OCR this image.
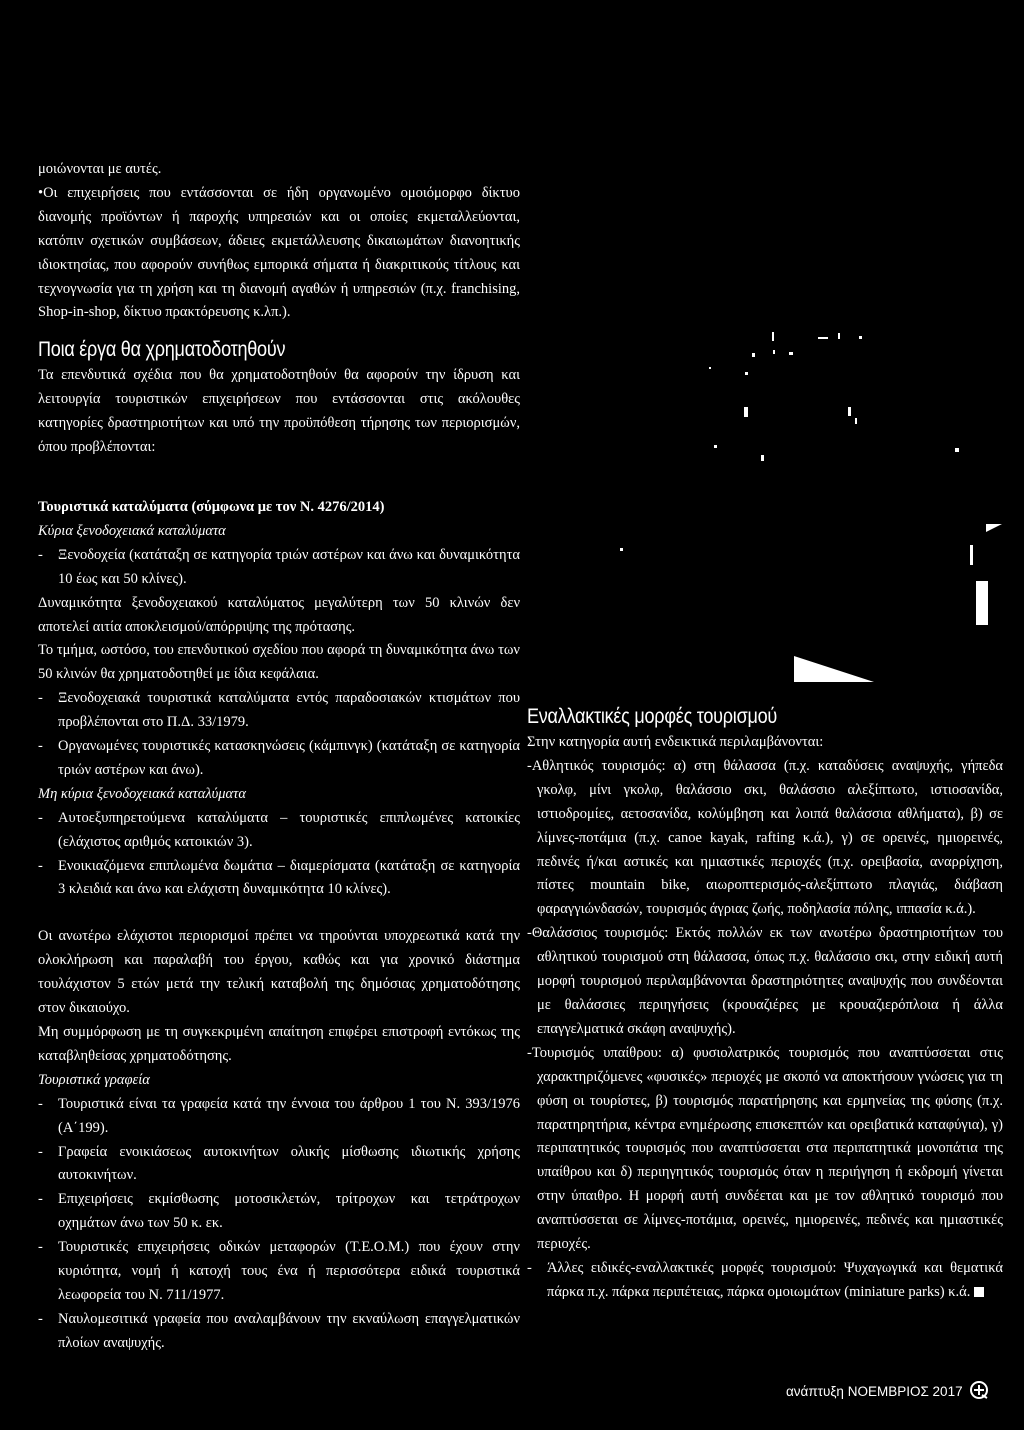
μοιώνονται με αυτές.

•Οι επιχειρήσεις που εντάσσονται σε ήδη οργανωμένο ομοιόμορφο δίκτυο διανομής προϊόντων ή παροχής υπηρεσιών και οι οποίες εκμεταλλεύονται, κατόπιν σχετικών συμβάσεων, άδειες εκμετάλλευσης δικαιωμάτων διανοητικής ιδιοκτησίας, που αφορούν συνήθως εμπορικά σήματα ή διακριτικούς τίτλους και τεχνογνωσία για τη χρήση και τη διανομή αγαθών ή υπηρεσιών (π.χ. franchising, Shop-in-shop, δίκτυο πρακτόρευσης κ.λπ.).

Ποια έργα θα χρηματοδοτηθούν

Τα επενδυτικά σχέδια που θα χρηματοδοτηθούν θα αφορούν την ίδρυση και λειτουργία τουριστικών επιχειρήσεων που εντάσσονται στις ακόλουθες κατηγορίες δραστηριοτήτων και υπό την προϋπόθεση τήρησης των περιορισμών, όπου προβλέπονται:

Τουριστικά καταλύματα (σύμφωνα με τον Ν. 4276/2014)

Κύρια ξενοδοχειακά καταλύματα

-	Ξενοδοχεία (κατάταξη σε κατηγορία τριών αστέρων και άνω και δυναμικότητα 10 έως και 50 κλίνες).

Δυναμικότητα ξενοδοχειακού καταλύματος μεγαλύτερη των 50 κλινών δεν αποτελεί αιτία αποκλεισμού/απόρριψης της πρότασης.

Το τμήμα, ωστόσο, του επενδυτικού σχεδίου που αφορά τη δυναμικότητα άνω των 50 κλινών θα χρηματοδοτηθεί με ίδια κεφάλαια.

-	Ξενοδοχειακά τουριστικά καταλύματα εντός παραδοσιακών κτισμάτων που προβλέπονται στο Π.Δ. 33/1979.
-	Οργανωμένες τουριστικές κατασκηνώσεις (κάμπινγκ) (κατάταξη σε κατηγορία τριών αστέρων και άνω).

Μη κύρια ξενοδοχειακά καταλύματα

-	Αυτοεξυπηρετούμενα καταλύματα – τουριστικές επιπλωμένες κατοικίες (ελάχιστος αριθμός κατοικιών 3).
-	Ενοικιαζόμενα επιπλωμένα δωμάτια – διαμερίσματα (κατάταξη σε κατηγορία 3 κλειδιά και άνω και ελάχιστη δυναμικότητα 10 κλίνες).

Οι ανωτέρω ελάχιστοι περιορισμοί πρέπει να τηρούνται υποχρεωτικά κατά την ολοκλήρωση και παραλαβή του έργου, καθώς και για χρονικό διάστημα τουλάχιστον 5 ετών μετά την τελική καταβολή της δημόσιας χρηματοδότησης στον δικαιούχο.

Μη συμμόρφωση με τη συγκεκριμένη απαίτηση επιφέρει επιστροφή εντόκως της καταβληθείσας χρηματοδότησης.

Τουριστικά γραφεία

-	Τουριστικά είναι τα γραφεία κατά την έννοια του άρθρου 1 του Ν. 393/1976 (Α΄199).
-	Γραφεία ενοικιάσεως αυτοκινήτων ολικής μίσθωσης ιδιωτικής χρήσης αυτοκινήτων.
-	Επιχειρήσεις εκμίσθωσης μοτοσικλετών, τρίτροχων και τετράτροχων οχημάτων άνω των 50 κ. εκ.
-	Τουριστικές επιχειρήσεις οδικών μεταφορών (Τ.Ε.Ο.Μ.) που έχουν στην κυριότητα, νομή ή κατοχή τους ένα ή περισσότερα ειδικά τουριστικά λεωφορεία του Ν. 711/1977.
-	Ναυλομεσιτικά γραφεία που αναλαμβάνουν την εκναύλωση επαγγελματικών πλοίων αναψυχής.
Εναλλακτικές μορφές τουρισμού

Στην κατηγορία αυτή ενδεικτικά περιλαμβάνονται:

-Αθλητικός τουρισμός: α) στη θάλασσα (π.χ. καταδύσεις αναψυχής, γήπεδα γκολφ, μίνι γκολφ, θαλάσσιο σκι, θαλάσσιο αλεξίπτωτο, ιστιοσανίδα, ιστιοδρομίες, αετοσανίδα, κολύμβηση και λοιπά θαλάσσια αθλήματα), β) σε λίμνες-ποτάμια (π.χ. canoe kayak, rafting κ.ά.), γ) σε ορεινές, ημιορεινές, πεδινές ή/και αστικές και ημιαστικές περιοχές (π.χ. ορειβασία, αναρρίχηση, πίστες mountain bike, αιωροπτερισμός-αλεξίπτωτο πλαγιάς, διάβαση φαραγγιώνδασών, τουρισμός άγριας ζωής, ποδηλασία πόλης, ιππασία κ.ά.).

-Θαλάσσιος τουρισμός: Εκτός πολλών εκ των ανωτέρω δραστηριοτήτων του αθλητικού τουρισμού στη θάλασσα, όπως π.χ. θαλάσσιο σκι, στην ειδική αυτή μορφή τουρισμού περιλαμβάνονται δραστηριότητες αναψυχής που συνδέονται με θαλάσσιες περιηγήσεις (κρουαζιέρες με κρουαζιερόπλοια ή άλλα επαγγελματικά σκάφη αναψυχής).

-Τουρισμός υπαίθρου: α) φυσιολατρικός τουρισμός που αναπτύσσεται στις χαρακτηριζόμενες «φυσικές» περιοχές με σκοπό να αποκτήσουν γνώσεις για τη φύση οι τουρίστες, β) τουρισμός παρατήρησης και ερμηνείας της φύσης (π.χ. παρατηρητήρια, κέντρα ενημέρωσης επισκεπτών και ορειβατικά καταφύγια), γ) περιπατητικός τουρισμός που αναπτύσσεται στα περιπατητικά μονοπάτια της υπαίθρου και δ) περιηγητικός τουρισμός όταν η περιήγηση ή εκδρομή γίνεται στην ύπαιθρο. Η μορφή αυτή συνδέεται και με τον αθλητικό τουρισμό που αναπτύσσεται σε λίμνες-ποτάμια, ορεινές, ημιορεινές, πεδινές και ημιαστικές περιοχές.

-	Άλλες ειδικές-εναλλακτικές μορφές τουρισμού: Ψυχαγωγικά και θεματικά πάρκα π.χ. πάρκα περιπέτειας, πάρκα ομοιωμάτων (miniature parks) κ.ά.
ανάπτυξη ΝΟΕΜΒΡΙΟΣ 2017
